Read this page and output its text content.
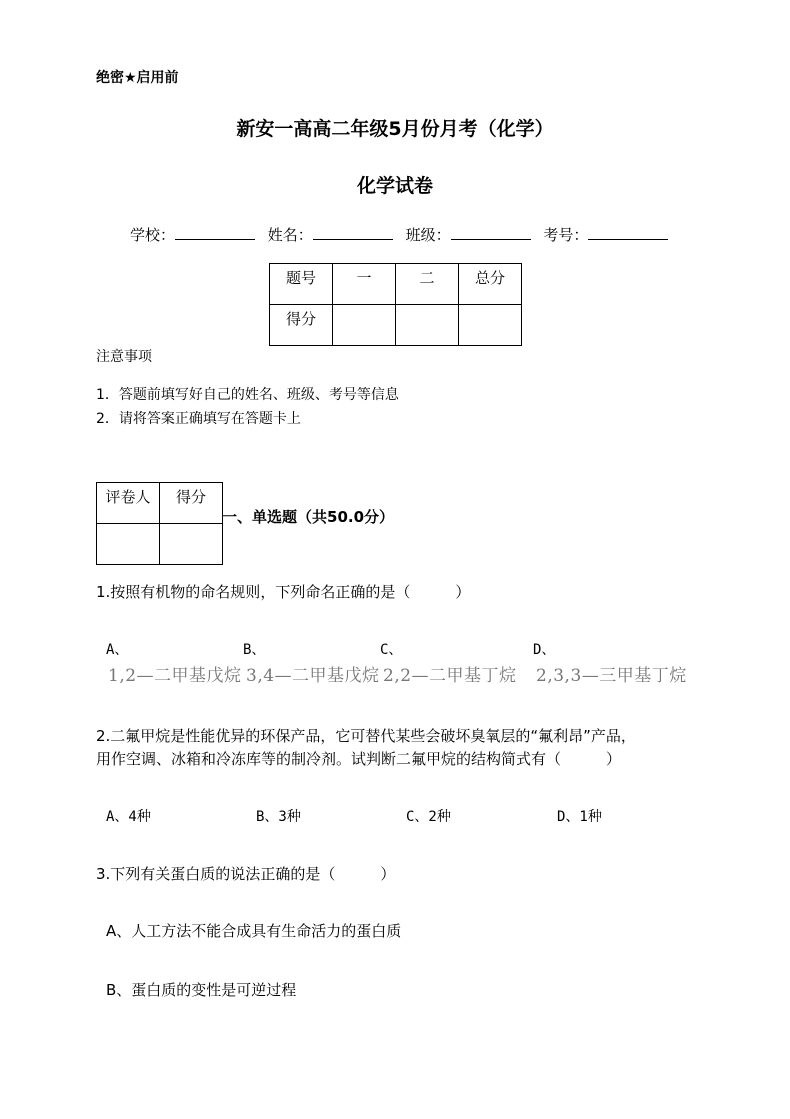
绝密★启用前
新安一高高二年级5月份月考（化学）
化学试卷
学校：	姓名：	班级：	考号：
题号	一	二	总分
得分			
注意事项
1．答题前填写好自己的姓名、班级、考号等信息
2．请将答案正确填写在答题卡上
评卷人	得分

一、单选题（共50.0分）
1.按照有机物的命名规则，下列命名正确的是（　　　）
A、	B、	C、	D、
1,2—二甲基戊烷 3,4—二甲基戊烷 2,2—二甲基丁烷 2,3,3—三甲基丁烷
2.二氟甲烷是性能优异的环保产品，它可替代某些会破坏臭氧层的“氟利昂”产品，
用作空调、冰箱和冷冻库等的制冷剂。试判断二氟甲烷的结构简式有（　　　）
A、4种	B、3种	C、2种	D、1种
3.下列有关蛋白质的说法正确的是（　　　）
A、人工方法不能合成具有生命活力的蛋白质
B、蛋白质的变性是可逆过程
